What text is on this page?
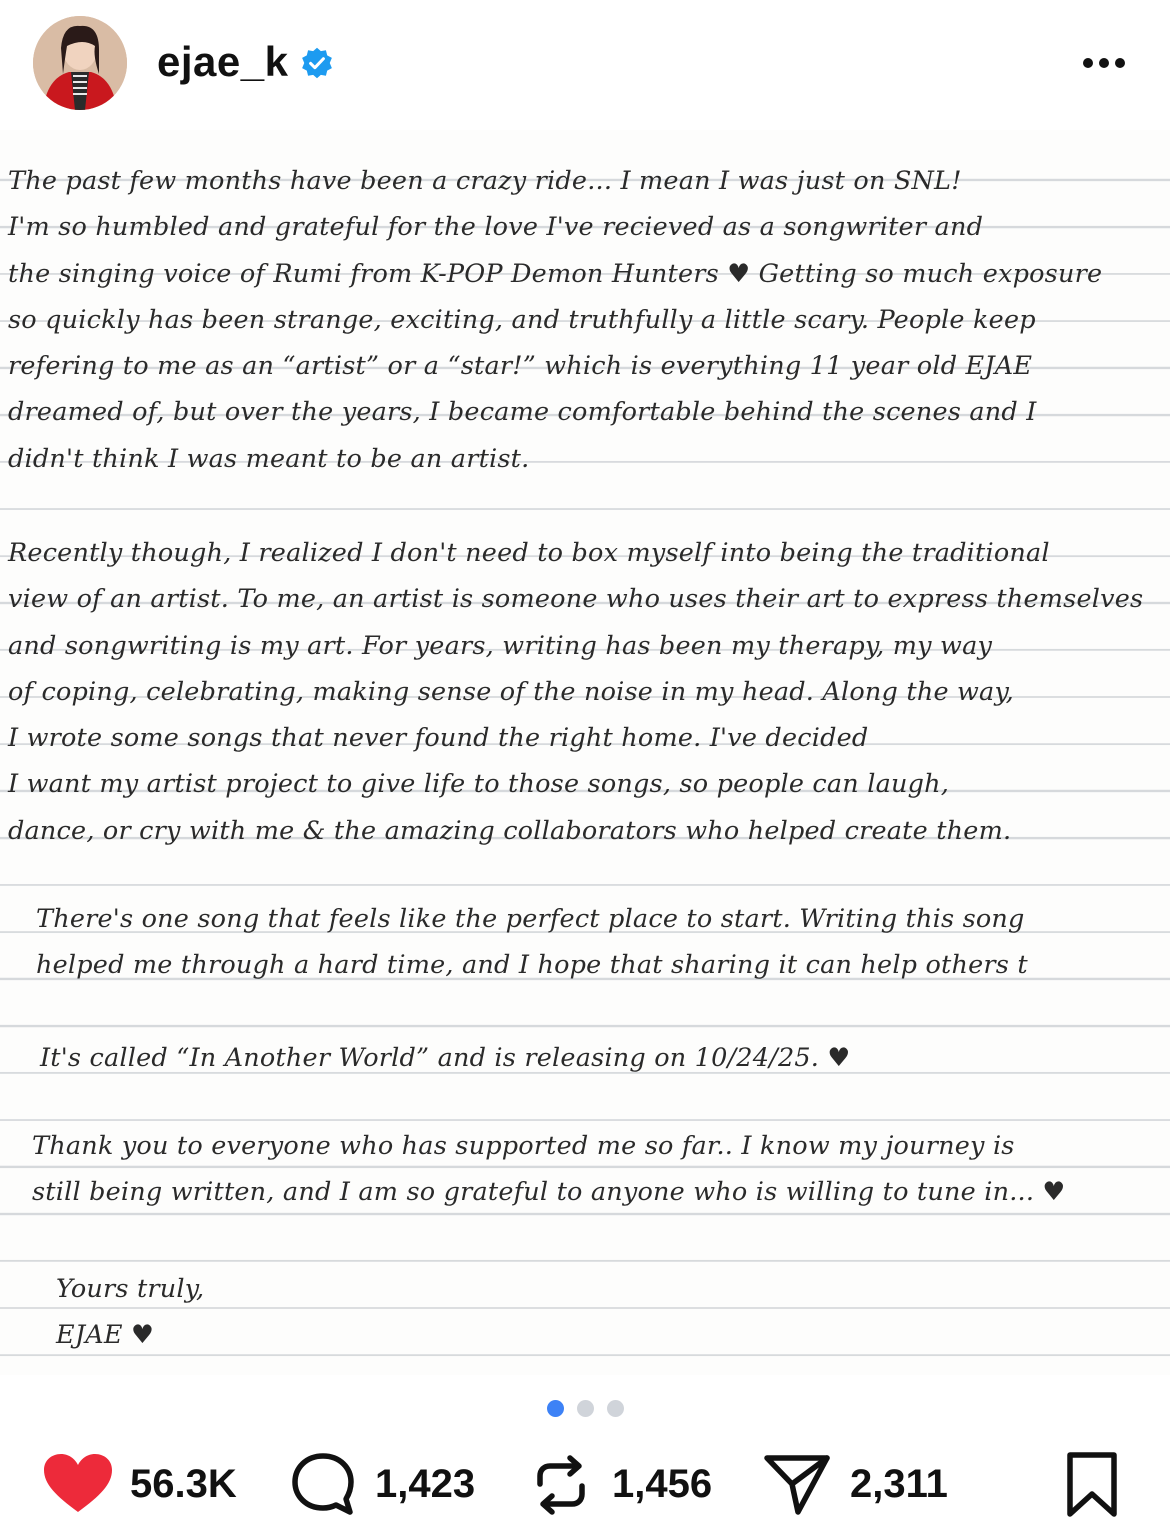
ejae_k
The past few months have been a crazy ride... I mean I was just on SNL!
I'm so humbled and grateful for the love I've recieved as a songwriter and
the singing voice of Rumi from K-POP Demon Hunters ♥ Getting so much exposure
so quickly has been strange, exciting, and truthfully a little scary. People keep
refering to me as an “artist” or a “star!” which is everything 11 year old EJAE
dreamed of, but over the years, I became comfortable behind the scenes and I
didn't think I was meant to be an artist.
Recently though, I realized I don't need to box myself into being the traditional
view of an artist. To me, an artist is someone who uses their art to express themselves
and songwriting is my art. For years, writing has been my therapy, my way
of coping, celebrating, making sense of the noise in my head. Along the way,
I wrote some songs that never found the right home. I've decided
I want my artist project to give life to those songs, so people can laugh,
dance, or cry with me & the amazing collaborators who helped create them.
There's one song that feels like the perfect place to start. Writing this song
helped me through a hard time, and I hope that sharing it can help others t
It's called “In Another World” and is releasing on 10/24/25. ♥
Thank you to everyone who has supported me so far.. I know my journey is
still being written, and I am so grateful to anyone who is willing to tune in... ♥
Yours truly,
EJAE ♥
56.3K	1,423	1,456	2,311
